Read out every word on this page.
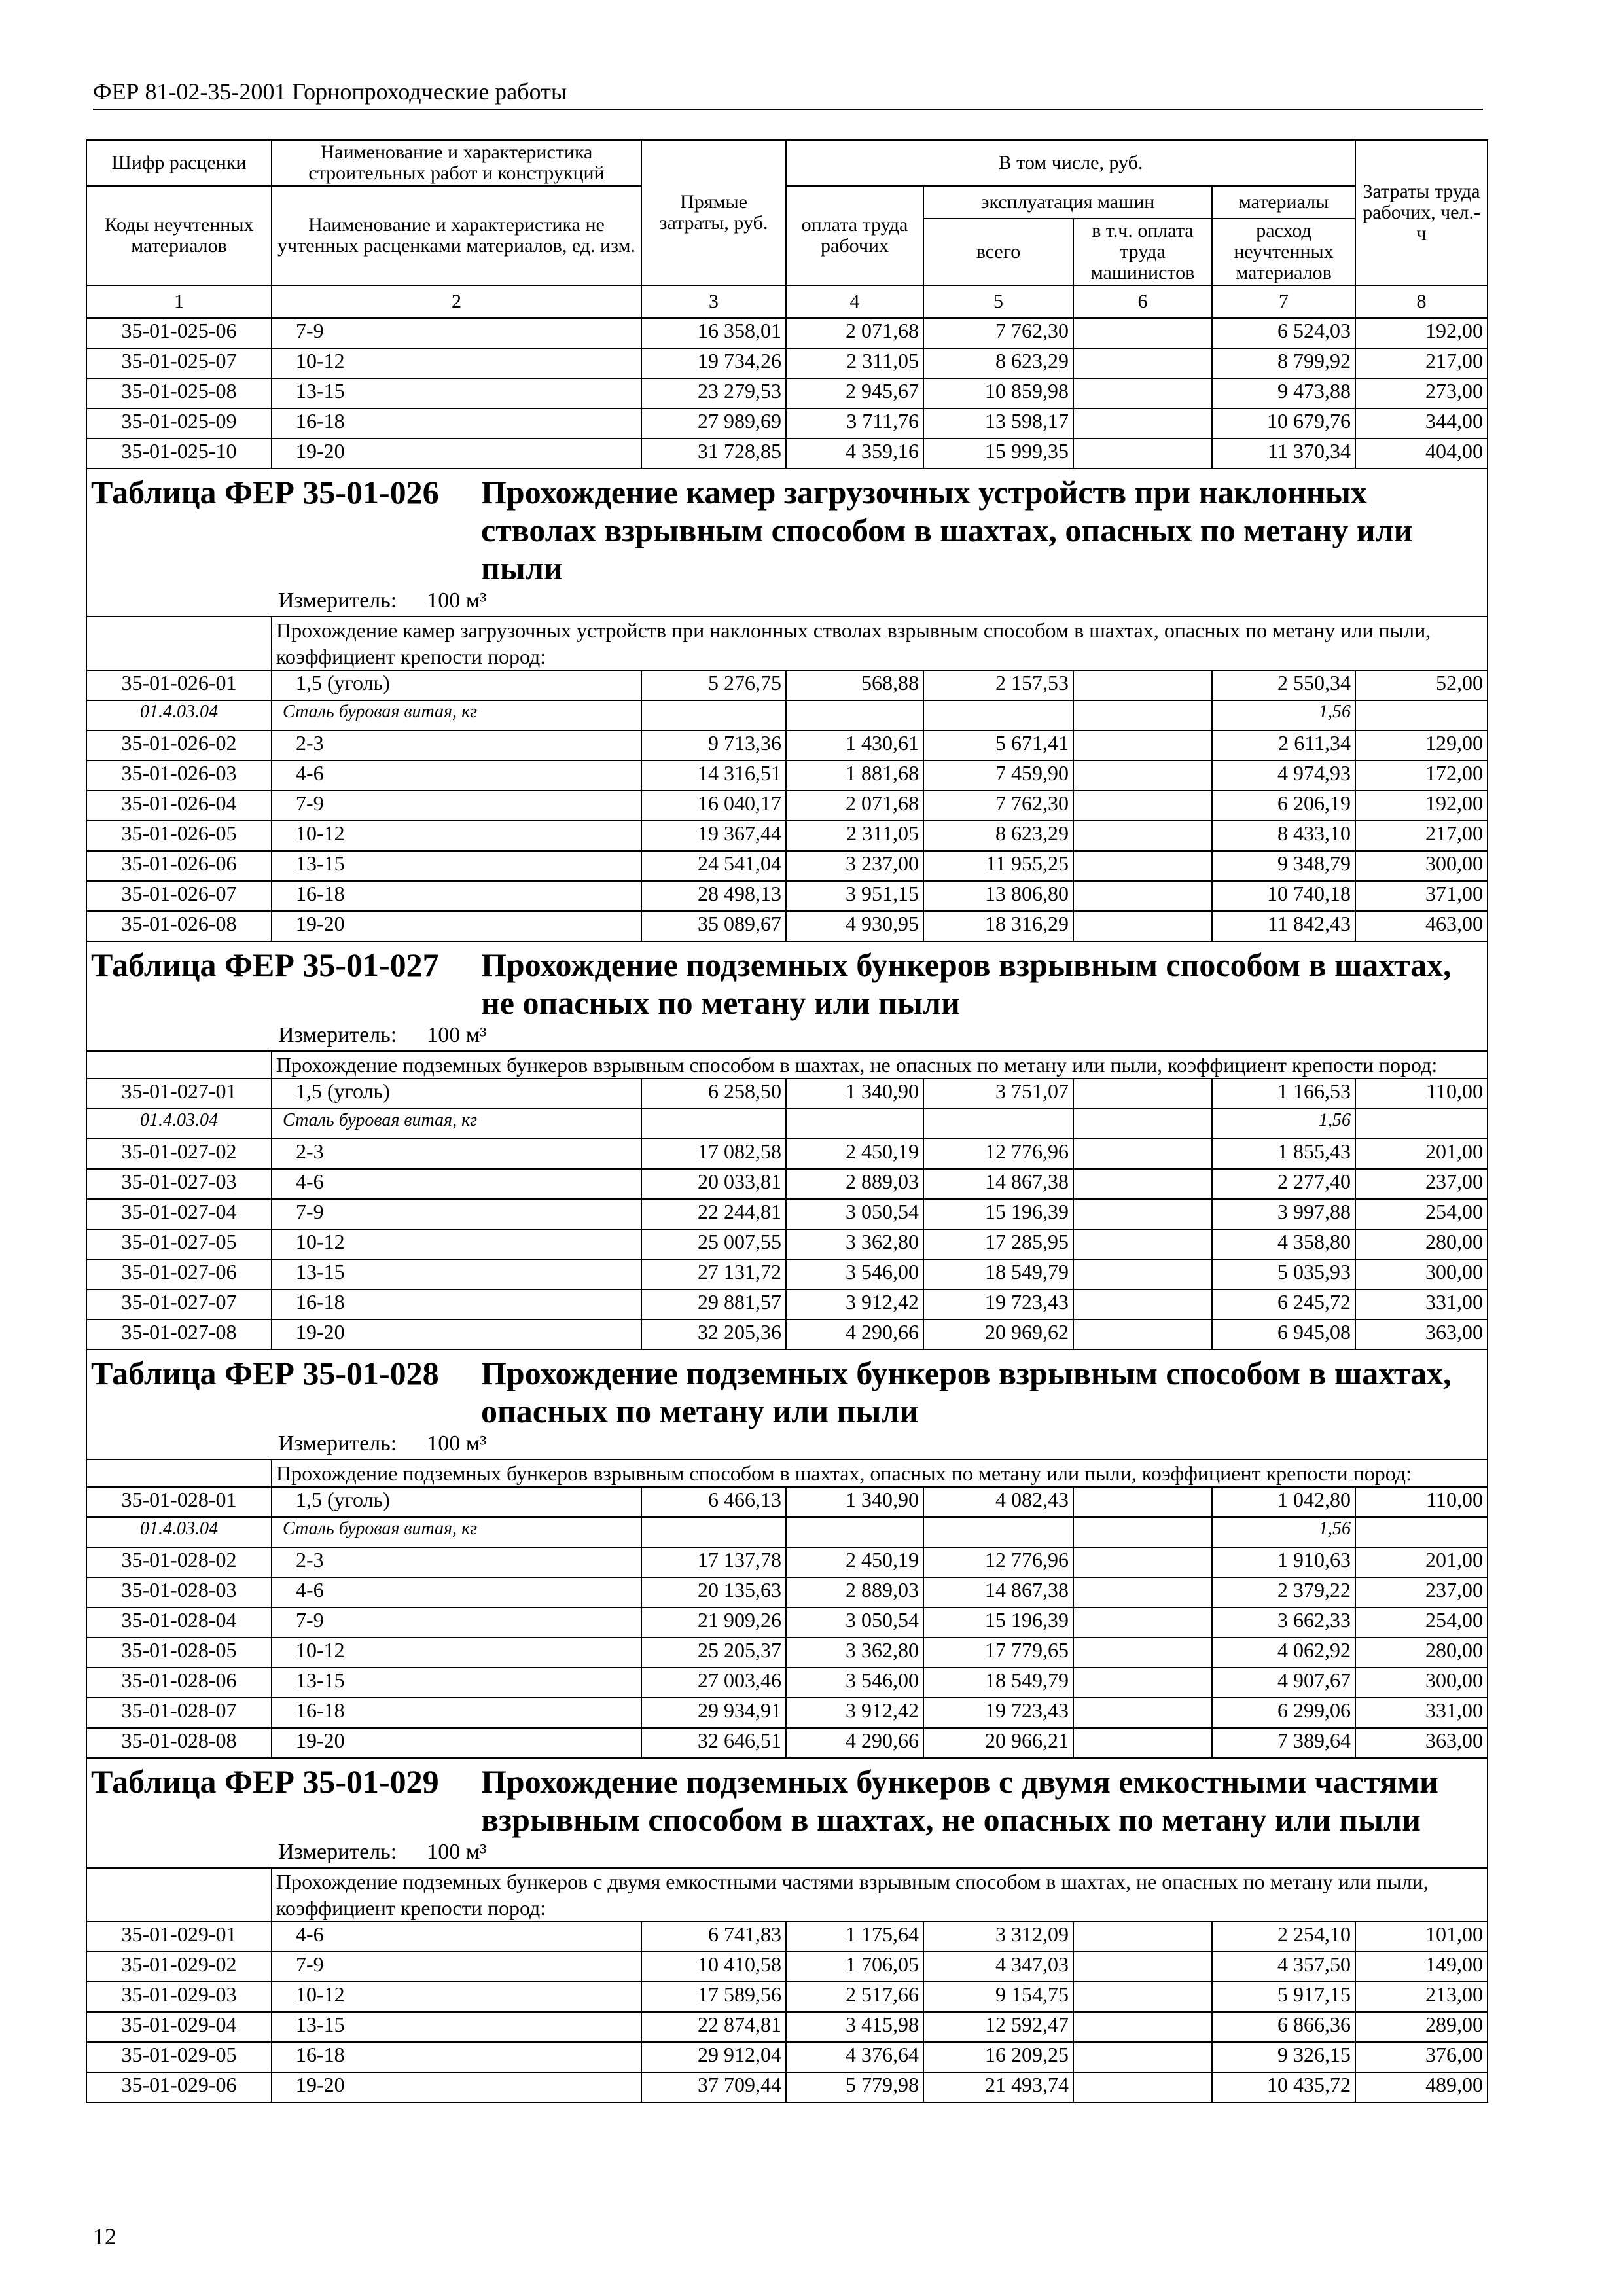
ФЕР 81-02-35-2001 Горнопроходческие работы
Шифр расценки	Наименование и характеристика строительных работ и конструкций	Прямые затраты, руб.	В том числе, руб.				Затраты труда рабочих, чел.-ч
Коды неучтенных материалов	Наименование и характеристика не учтенных расценками материалов, ед. изм.		оплата труда рабочих	эксплуатация машин		материалы	
				всего	в т.ч. оплата труда машинистов	расход неучтенных материалов	
1	2	3	4	5	6	7	8
35-01-025-06	7-9	16 358,01	2 071,68	7 762,30		6 524,03	192,00
35-01-025-07	10-12	19 734,26	2 311,05	8 623,29		8 799,92	217,00
35-01-025-08	13-15	23 279,53	2 945,67	10 859,98		9 473,88	273,00
35-01-025-09	16-18	27 989,69	3 711,76	13 598,17		10 679,76	344,00
35-01-025-10	19-20	31 728,85	4 359,16	15 999,35		11 370,34	404,00

Таблица ФЕР 35-01-026 Прохождение камер загрузочных устройств при наклонных стволах взрывным способом в шахтах, опасных по метану или пыли
Измеритель: 100 м³							

	Прохождение камер загрузочных устройств при наклонных стволах взрывным способом в шахтах, опасных по метану или пыли, коэффициент крепости пород:						
35-01-026-01	1,5 (уголь)	5 276,75	568,88	2 157,53		2 550,34	52,00
01.4.03.04	Сталь буровая витая, кг					1,56	
35-01-026-02	2-3	9 713,36	1 430,61	5 671,41		2 611,34	129,00
35-01-026-03	4-6	14 316,51	1 881,68	7 459,90		4 974,93	172,00
35-01-026-04	7-9	16 040,17	2 071,68	7 762,30		6 206,19	192,00
35-01-026-05	10-12	19 367,44	2 311,05	8 623,29		8 433,10	217,00
35-01-026-06	13-15	24 541,04	3 237,00	11 955,25		9 348,79	300,00
35-01-026-07	16-18	28 498,13	3 951,15	13 806,80		10 740,18	371,00
35-01-026-08	19-20	35 089,67	4 930,95	18 316,29		11 842,43	463,00

Таблица ФЕР 35-01-027 Прохождение подземных бункеров взрывным способом в шахтах, не опасных по метану или пыли
Измеритель: 100 м³							

	Прохождение подземных бункеров взрывным способом в шахтах, не опасных по метану или пыли, коэффициент крепости пород:						
35-01-027-01	1,5 (уголь)	6 258,50	1 340,90	3 751,07		1 166,53	110,00
01.4.03.04	Сталь буровая витая, кг					1,56	
35-01-027-02	2-3	17 082,58	2 450,19	12 776,96		1 855,43	201,00
35-01-027-03	4-6	20 033,81	2 889,03	14 867,38		2 277,40	237,00
35-01-027-04	7-9	22 244,81	3 050,54	15 196,39		3 997,88	254,00
35-01-027-05	10-12	25 007,55	3 362,80	17 285,95		4 358,80	280,00
35-01-027-06	13-15	27 131,72	3 546,00	18 549,79		5 035,93	300,00
35-01-027-07	16-18	29 881,57	3 912,42	19 723,43		6 245,72	331,00
35-01-027-08	19-20	32 205,36	4 290,66	20 969,62		6 945,08	363,00

Таблица ФЕР 35-01-028 Прохождение подземных бункеров взрывным способом в шахтах, опасных по метану или пыли
Измеритель: 100 м³							

	Прохождение подземных бункеров взрывным способом в шахтах, опасных по метану или пыли, коэффициент крепости пород:						
35-01-028-01	1,5 (уголь)	6 466,13	1 340,90	4 082,43		1 042,80	110,00
01.4.03.04	Сталь буровая витая, кг					1,56	
35-01-028-02	2-3	17 137,78	2 450,19	12 776,96		1 910,63	201,00
35-01-028-03	4-6	20 135,63	2 889,03	14 867,38		2 379,22	237,00
35-01-028-04	7-9	21 909,26	3 050,54	15 196,39		3 662,33	254,00
35-01-028-05	10-12	25 205,37	3 362,80	17 779,65		4 062,92	280,00
35-01-028-06	13-15	27 003,46	3 546,00	18 549,79		4 907,67	300,00
35-01-028-07	16-18	29 934,91	3 912,42	19 723,43		6 299,06	331,00
35-01-028-08	19-20	32 646,51	4 290,66	20 966,21		7 389,64	363,00

Таблица ФЕР 35-01-029 Прохождение подземных бункеров с двумя емкостными частями взрывным способом в шахтах, не опасных по метану или пыли
Измеритель: 100 м³							

	Прохождение подземных бункеров с двумя емкостными частями взрывным способом в шахтах, не опасных по метану или пыли, коэффициент крепости пород:						
35-01-029-01	4-6	6 741,83	1 175,64	3 312,09		2 254,10	101,00
35-01-029-02	7-9	10 410,58	1 706,05	4 347,03		4 357,50	149,00
35-01-029-03	10-12	17 589,56	2 517,66	9 154,75		5 917,15	213,00
35-01-029-04	13-15	22 874,81	3 415,98	12 592,47		6 866,36	289,00
35-01-029-05	16-18	29 912,04	4 376,64	16 209,25		9 326,15	376,00
35-01-029-06	19-20	37 709,44	5 779,98	21 493,74		10 435,72	489,00
12
